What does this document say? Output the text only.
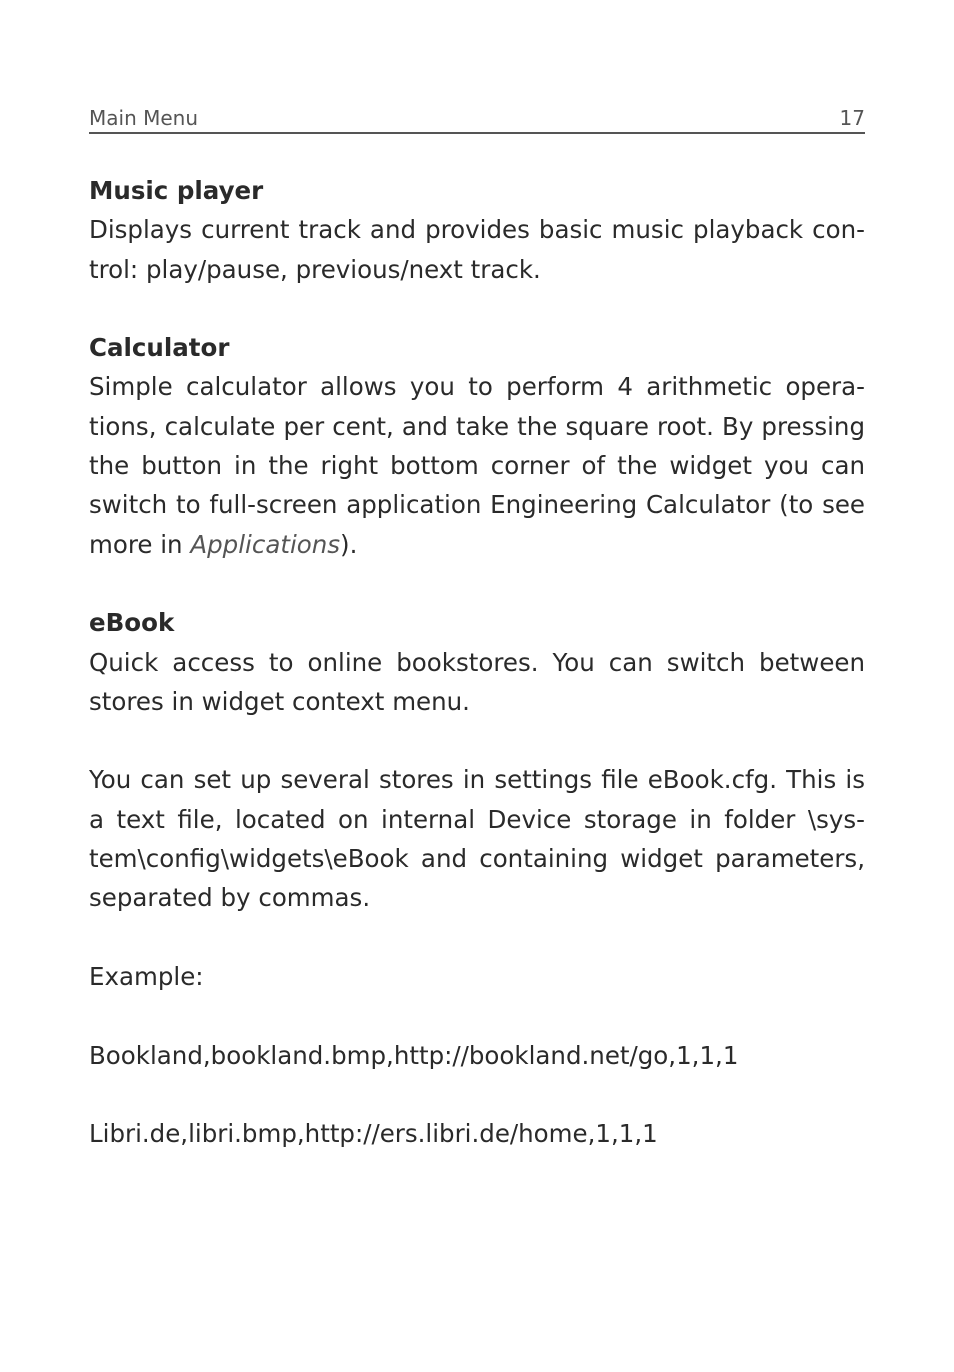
Main Menu	17

Music player

Displays current track and provides basic music playback control: play/pause, previous/next track.

Calculator

Simple calculator allows you to perform 4 arithmetic operations, calculate per cent, and take the square root. By pressing the button in the right bottom corner of the widget you can switch to full-screen application Engineering Calculator (to see more in Applications).

eBook

Quick access to online bookstores. You can switch between stores in widget context menu.

You can set up several stores in settings file eBook.cfg. This is a text file, located on internal Device storage in folder \system\config\widgets\eBook and containing widget parameters, separated by commas.

Example:

Bookland,bookland.bmp,http://bookland.net/go,1,1,1

Libri.de,libri.bmp,http://ers.libri.de/home,1,1,1
